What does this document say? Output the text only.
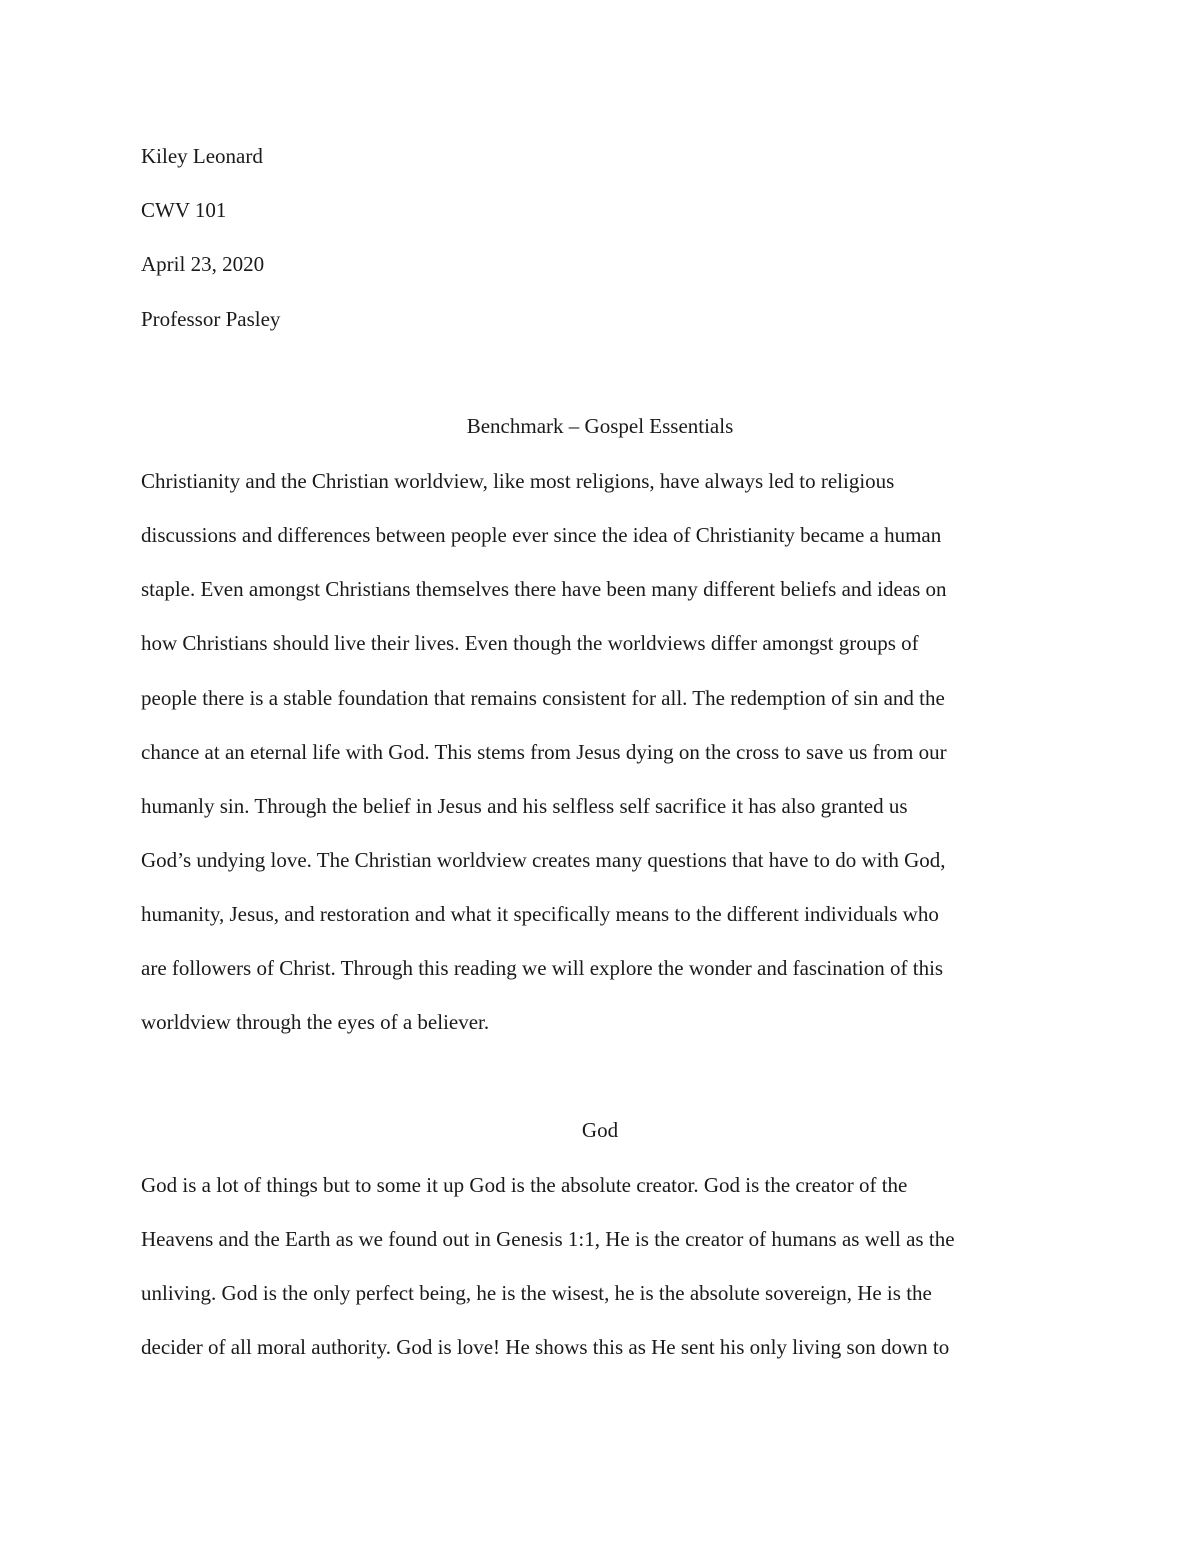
Kiley Leonard

CWV 101

April 23, 2020

Professor Pasley

Benchmark – Gospel Essentials

Christianity and the Christian worldview, like most religions, have always led to religious

discussions and differences between people ever since the idea of Christianity became a human

staple. Even amongst Christians themselves there have been many different beliefs and ideas on

how Christians should live their lives. Even though the worldviews differ amongst groups of

people there is a stable foundation that remains consistent for all. The redemption of sin and the

chance at an eternal life with God. This stems from Jesus dying on the cross to save us from our

humanly sin. Through the belief in Jesus and his selfless self sacrifice it has also granted us

God’s undying love. The Christian worldview creates many questions that have to do with God,

humanity, Jesus, and restoration and what it specifically means to the different individuals who

are followers of Christ. Through this reading we will explore the wonder and fascination of this

worldview through the eyes of a believer.

God

God is a lot of things but to some it up God is the absolute creator. God is the creator of the

Heavens and the Earth as we found out in Genesis 1:1, He is the creator of humans as well as the

unliving. God is the only perfect being, he is the wisest, he is the absolute sovereign, He is the

decider of all moral authority. God is love! He shows this as He sent his only living son down to
